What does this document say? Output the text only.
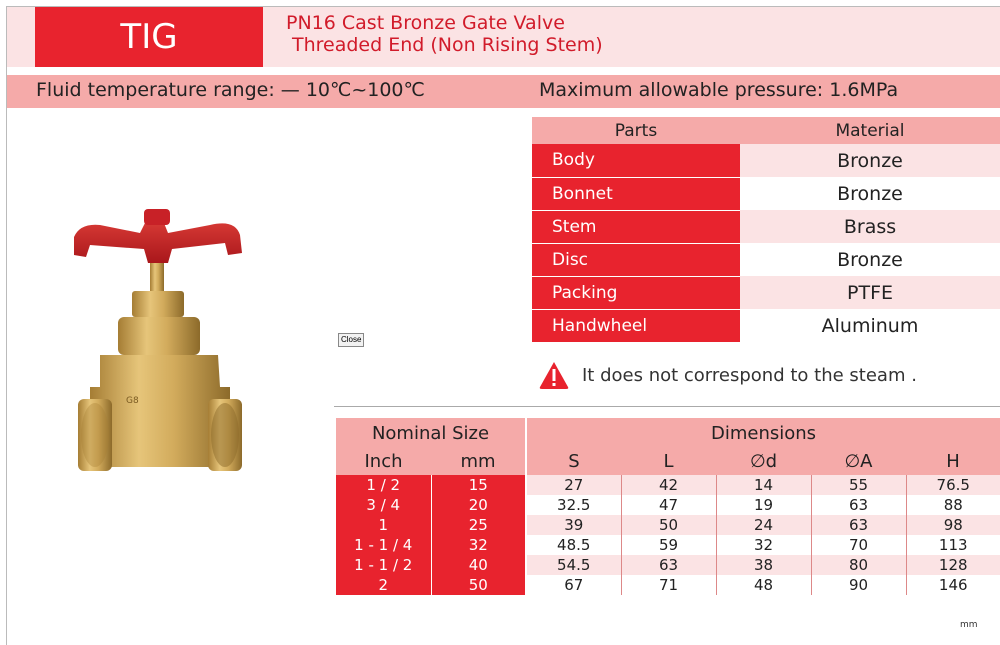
TIG	PN16 Cast Bronze Gate Valve
Threaded End (Non Rising Stem)
Fluid temperature range: — 10℃~100℃	Maximum allowable pressure: 1.6MPa
G8
Close
Parts	Material
Body	Bronze
Bonnet	Bronze
Stem	Brass
Disc	Bronze
Packing	PTFE
Handwheel	Aluminum
It does not correspond to the steam .
Nominal Size		Dimensions				
Inch	mm	S	L	∅d	∅A	H
1 / 2	15	27	42	14	55	76.5
3 / 4	20	32.5	47	19	63	88
1	25	39	50	24	63	98
1 - 1 / 4	32	48.5	59	32	70	113
1 - 1 / 2	40	54.5	63	38	80	128
2	50	67	71	48	90	146
mm
